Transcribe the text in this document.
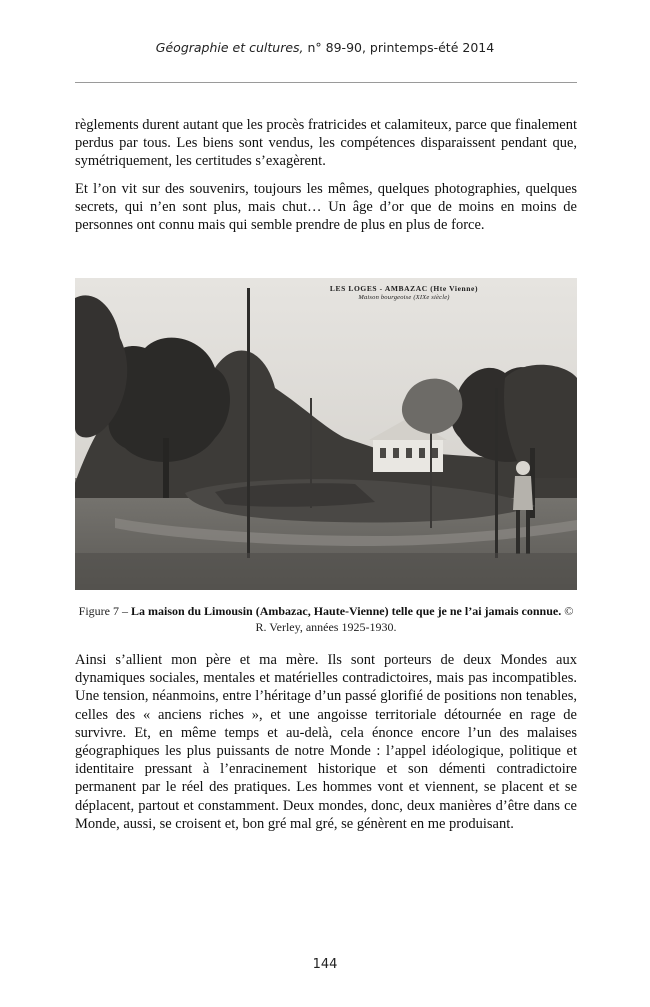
Géographie et cultures, n° 89-90, printemps-été 2014

règlements durent autant que les procès fratricides et calamiteux, parce que finalement perdus par tous. Les biens sont vendus, les compétences disparaissent pendant que, symétriquement, les certitudes s’exagèrent.

Et l’on vit sur des souvenirs, toujours les mêmes, quelques photographies, quelques secrets, qui n’en sont plus, mais chut… Un âge d’or que de moins en moins de personnes ont connu mais qui semble prendre de plus en plus de force.

LES LOGES - AMBAZAC (Hte Vienne)
Maison bourgeoise (XIXe siècle)
Figure 7 – La maison du Limousin (Ambazac, Haute-Vienne) telle que je ne l’ai jamais connue. © R. Verley, années 1925-1930.

Ainsi s’allient mon père et ma mère. Ils sont porteurs de deux Mondes aux dynamiques sociales, mentales et matérielles contradictoires, mais pas incompatibles. Une tension, néanmoins, entre l’héritage d’un passé glorifié de positions non tenables, celles des « anciens riches », et une angoisse territoriale détournée en rage de survivre. Et, en même temps et au-delà, cela énonce encore l’un des malaises géographiques les plus puissants de notre Monde : l’appel idéologique, politique et identitaire pressant à l’enracinement historique et son démenti contradictoire permanent par le réel des pratiques. Les hommes vont et viennent, se placent et se déplacent, partout et constamment. Deux mondes, donc, deux manières d’être dans ce Monde, aussi, se croisent et, bon gré mal gré, se génèrent en me produisant.

144
